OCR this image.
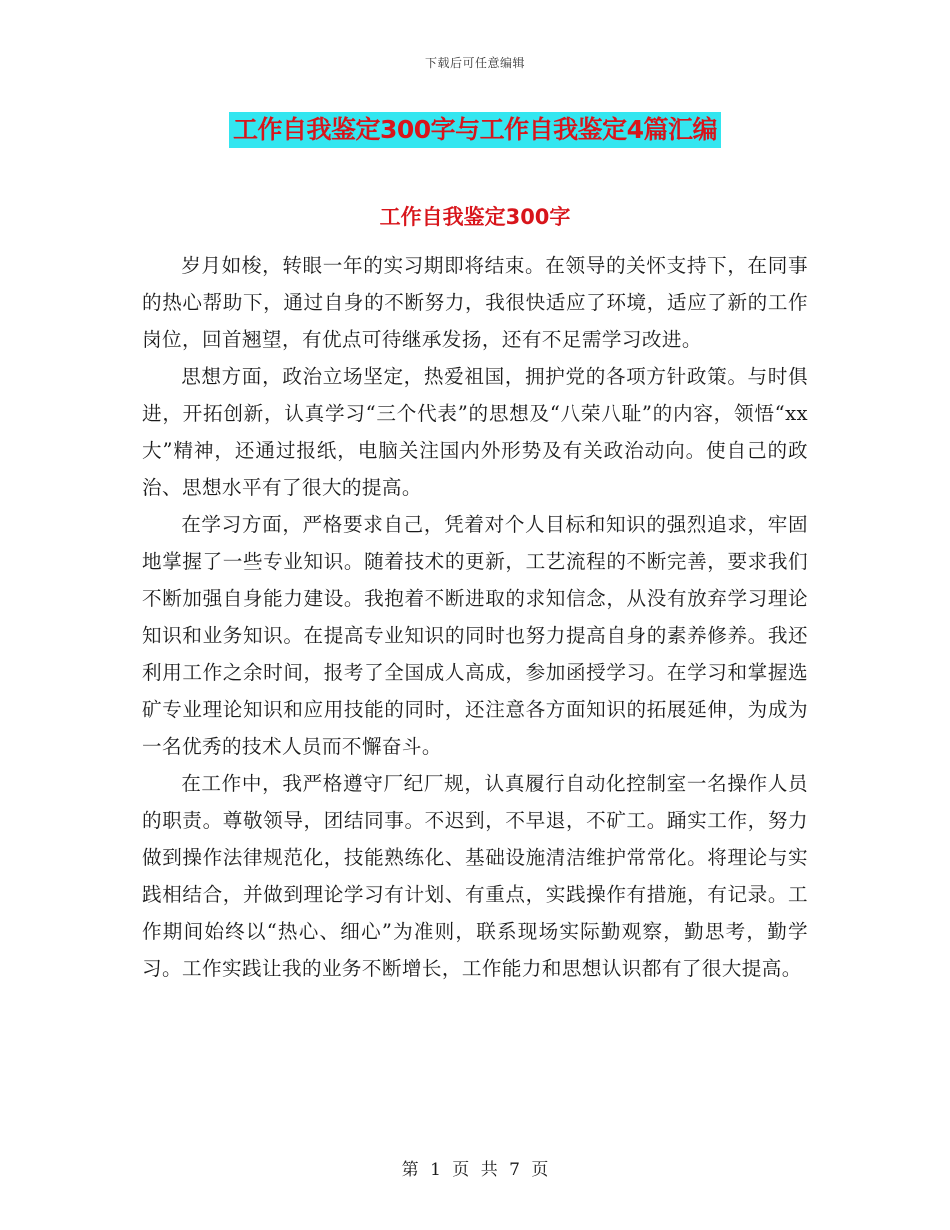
下载后可任意编辑
工作自我鉴定300字与工作自我鉴定4篇汇编
工作自我鉴定300字

岁月如梭，转眼一年的实习期即将结束。在领导的关怀支持下，在同事的热心帮助下，通过自身的不断努力，我很快适应了环境，适应了新的工作岗位，回首翘望，有优点可待继承发扬，还有不足需学习改进。

思想方面，政治立场坚定，热爱祖国，拥护党的各项方针政策。与时俱进，开拓创新，认真学习“三个代表”的思想及“八荣八耻”的内容，领悟“xx大”精神，还通过报纸，电脑关注国内外形势及有关政治动向。使自己的政治、思想水平有了很大的提高。

在学习方面，严格要求自己，凭着对个人目标和知识的强烈追求，牢固地掌握了一些专业知识。随着技术的更新，工艺流程的不断完善，要求我们不断加强自身能力建设。我抱着不断进取的求知信念，从没有放弃学习理论知识和业务知识。在提高专业知识的同时也努力提高自身的素养修养。我还利用工作之余时间，报考了全国成人高成，参加函授学习。在学习和掌握选矿专业理论知识和应用技能的同时，还注意各方面知识的拓展延伸，为成为一名优秀的技术人员而不懈奋斗。

在工作中，我严格遵守厂纪厂规，认真履行自动化控制室一名操作人员的职责。尊敬领导，团结同事。不迟到，不早退，不矿工。踊实工作，努力做到操作法律规范化，技能熟练化、基础设施清洁维护常常化。将理论与实践相结合，并做到理论学习有计划、有重点，实践操作有措施，有记录。工作期间始终以“热心、细心”为准则，联系现场实际勤观察，勤思考，勤学习。工作实践让我的业务不断增长，工作能力和思想认识都有了很大提高。

第 1 页 共 7 页
